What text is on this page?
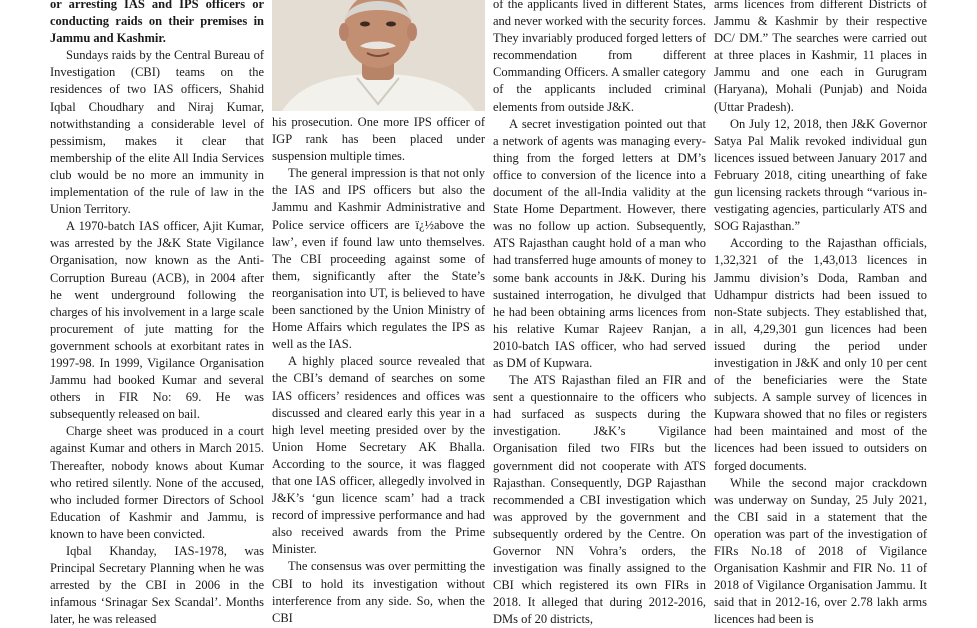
or arresting IAS and IPS officers or conducting raids on their premises in Jammu and Kashmir.

Sundays raids by the Central Bureau of Investigation (CBI) teams on the residences of two IAS officers, Shahid Iqbal Choudhary and Niraj Kumar, notwithstanding a considerable level of pessimism, makes it clear that membership of the elite All India Services club would be no more an immunity in implementation of the rule of law in the Union Territory.

A 1970-batch IAS officer, Ajit Kumar, was arrested by the J&K State Vigilance Organisation, now known as the Anti-Corruption Bureau (ACB), in 2004 after he went underground following the charges of his involvement in a large scale procurement of jute matting for the government schools at exorbitant rates in 1997-98. In 1999, Vigilance Organisation Jammu had booked Kumar and several others in FIR No: 69. He was subsequently released on bail.

Charge sheet was produced in a court against Kumar and others in March 2015. Thereafter, nobody knows about Kumar who retired silently. None of the accused, who included former Directors of School Education of Kashmir and Jammu, is known to have been convicted.

Iqbal Khanday, IAS-1978, was Principal Secretary Planning when he was arrested by the CBI in 2006 in the infamous ‘Srinagar Sex Scandal’. Months later, he was released

his prosecution. One more IPS officer of IGP rank has been placed under suspension multiple times.

The general impression is that not only the IAS and IPS officers but also the Jammu and Kashmir Administrative and Police service officers are ï¿½above the law’, even if found law unto themselves. The CBI proceeding against some of them, significantly after the State’s reorganisation into UT, is believed to have been sanctioned by the Union Ministry of Home Affairs which regulates the IPS as well as the IAS.

A highly placed source revealed that the CBI’s demand of searches on some IAS officers’ residences and offices was discussed and cleared early this year in a high level meeting presided over by the Union Home Secretary AK Bhalla. According to the source, it was flagged that one IAS officer, allegedly involved in J&K’s ‘gun licence scam’ had a track record of impressive performance and had also received awards from the Prime Minister.

The consensus was over permitting the CBI to hold its investigation without interference from any side. So, when the CBI

of the applicants lived in different States, and never worked with the security forces. They invariably produced forged letters of recommendation from different Commanding Officers. A smaller category of the applicants included criminal elements from outside J&K.

A secret investigation pointed out that a network of agents was managing everything from the forged letters at DM’s office to conversion of the licence into a document of the all-India validity at the State Home Department. However, there was no follow up action. Subsequently, ATS Rajasthan caught hold of a man who had transferred huge amounts of money to some bank accounts in J&K. During his sustained interrogation, he divulged that he had been obtaining arms licences from his relative Kumar Rajeev Ranjan, a 2010-batch IAS officer, who had served as DM of Kupwara.

The ATS Rajasthan filed an FIR and sent a questionnaire to the officers who had surfaced as suspects during the investigation. J&K’s Vigilance Organisation filed two FIRs but the government did not cooperate with ATS Rajasthan. Consequently, DGP Rajasthan recommended a CBI investigation which was approved by the government and subsequently ordered by the Centre. On Governor NN Vohra’s orders, the investigation was finally assigned to the CBI which registered its own FIRs in 2018. It alleged that during 2012-2016, DMs of 20 districts,

arms licences from different Districts of Jammu & Kashmir by their respective DC/ DM.” The searches were carried out at three places in Kashmir, 11 places in Jammu and one each in Gurugram (Haryana), Mohali (Punjab) and Noida (Uttar Pradesh).

On July 12, 2018, then J&K Governor Satya Pal Malik revoked individual gun licences issued between January 2017 and February 2018, citing unearthing of fake gun licensing rackets through “various investigating agencies, particularly ATS and SOG Rajasthan.”

According to the Rajasthan officials, 1,32,321 of the 1,43,013 licences in Jammu division’s Doda, Ramban and Udhampur districts had been issued to non-State subjects. They established that, in all, 4,29,301 gun licences had been issued during the period under investigation in J&K and only 10 per cent of the beneficiaries were the State subjects. A sample survey of licences in Kupwara showed that no files or registers had been maintained and most of the licences had been issued to outsiders on forged documents.

While the second major crackdown was underway on Sunday, 25 July 2021, the CBI said in a statement that the operation was part of the investigation of FIRs No.18 of 2018 of Vigilance Organisation Kashmir and FIR No. 11 of 2018 of Vigilance Organisation Jammu. It said that in 2012-16, over 2.78 lakh arms licences had been is
